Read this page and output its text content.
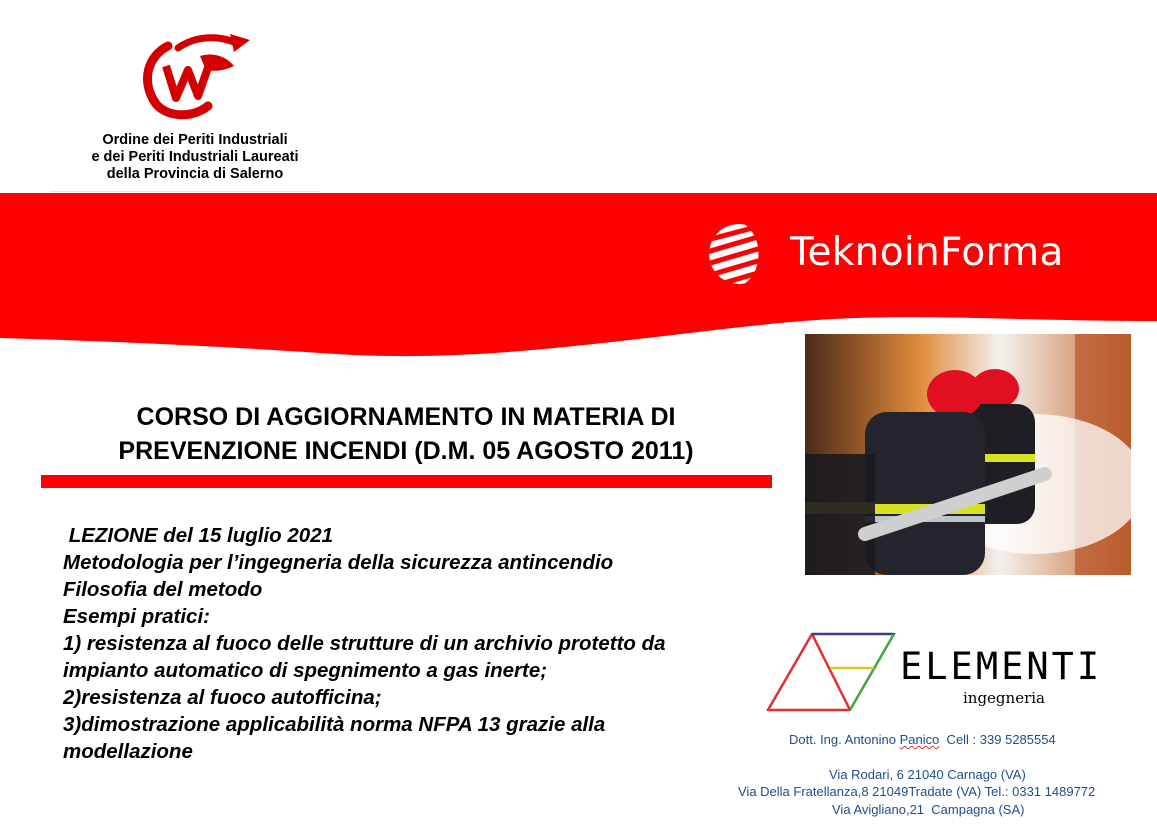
Ordine dei Periti Industriali
e dei Periti Industriali Laureati
della Provincia di Salerno
TeknoinForma
CORSO DI AGGIORNAMENTO IN MATERIA DI
PREVENZIONE INCENDI (D.M. 05 AGOSTO 2011)
LEZIONE del 15 luglio 2021
Metodologia per l’ingegneria della sicurezza antincendio
Filosofia del metodo
Esempi pratici:
1) resistenza al fuoco delle strutture di un archivio protetto da
impianto automatico di spegnimento a gas inerte;
2)resistenza al fuoco autofficina;
3)dimostrazione applicabilità norma NFPA 13 grazie alla
modellazione
ELEMENTI
ingegneria
Dott. Ing. Antonino Panico  Cell : 339 5285554
Via Rodari, 6 21040 Carnago (VA)
Via Della Fratellanza,8 21049Tradate (VA) Tel.: 0331 1489772
Via Avigliano,21  Campagna (SA)
